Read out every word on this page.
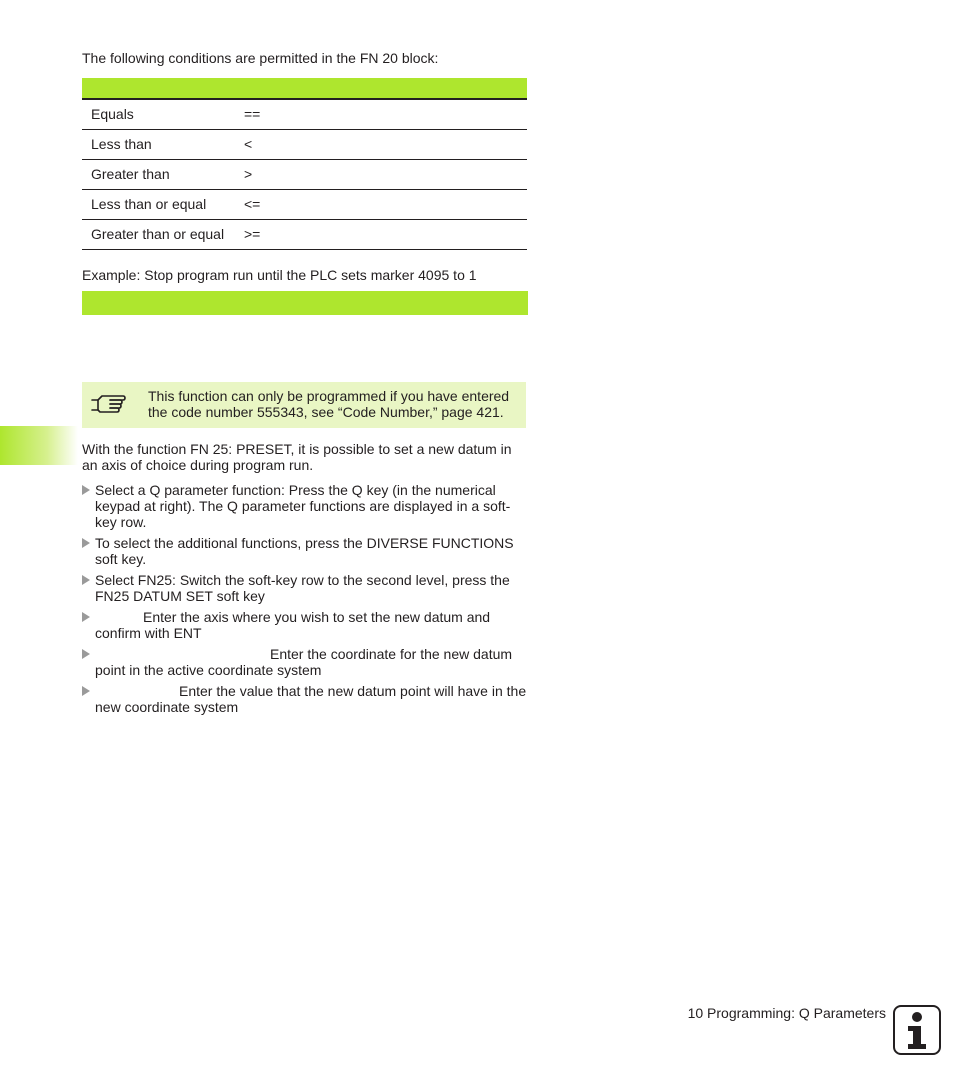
The following conditions are permitted in the FN 20 block:
Equals	==
Less than	<
Greater than	>
Less than or equal	<=
Greater than or equal >=
Example: Stop program run until the PLC sets marker 4095 to 1
This function can only be programmed if you have entered
the code number 555343, see “Code Number,” page 421.
With the function FN 25: PRESET, it is possible to set a new datum in an axis of choice during program run.
Select a Q parameter function: Press the Q key (in the numerical keypad at right). The Q parameter functions are displayed in a soft-key row.
To select the additional functions, press the DIVERSE FUNCTIONS soft key.
Select FN25: Switch the soft-key row to the second level, press the FN25 DATUM SET soft key
Enter the axis where you wish to set the new datum and confirm with ENT
Enter the coordinate for the new datum point in the active coordinate system
Enter the value that the new datum point will have in the new coordinate system
10 Programming: Q Parameters
